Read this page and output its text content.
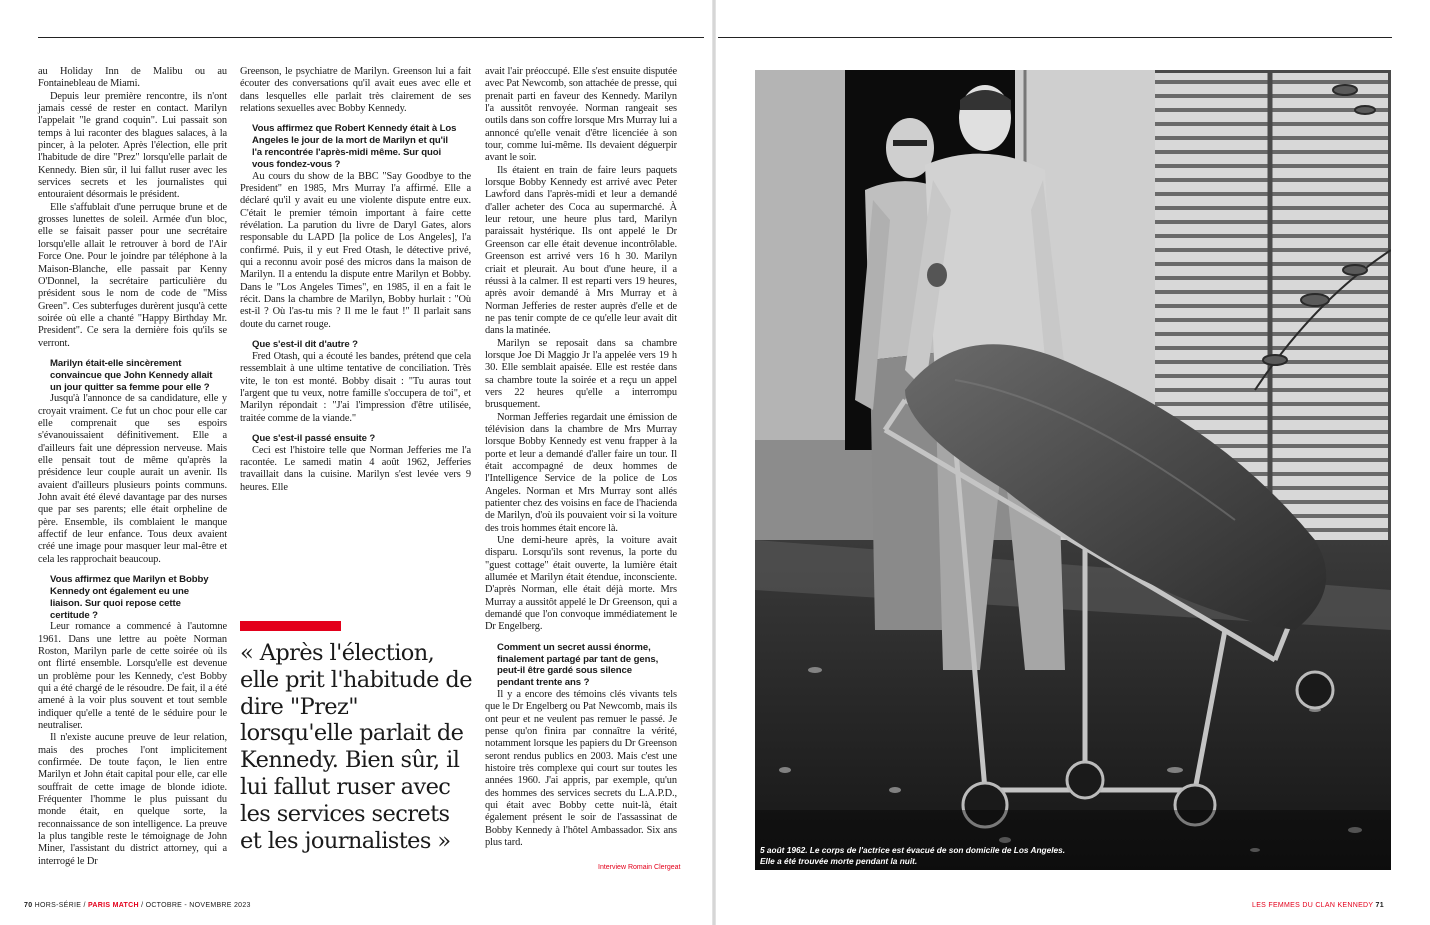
au Holiday Inn de Malibu ou au Fontainebleau de Miami.

Depuis leur première rencontre, ils n'ont jamais cessé de rester en contact. Marilyn l'appelait "le grand coquin". Lui passait son temps à lui raconter des blagues salaces, à la pincer, à la peloter. Après l'élection, elle prit l'habitude de dire "Prez" lorsqu'elle parlait de Kennedy. Bien sûr, il lui fallut ruser avec les services secrets et les journalistes qui entouraient désormais le président.

Elle s'affublait d'une perruque brune et de grosses lunettes de soleil. Armée d'un bloc, elle se faisait passer pour une secrétaire lorsqu'elle allait le retrouver à bord de l'Air Force One. Pour le joindre par téléphone à la Maison-Blanche, elle passait par Kenny O'Donnel, la secrétaire particulière du président sous le nom de code de "Miss Green". Ces subterfuges durèrent jusqu'à cette soirée où elle a chanté "Happy Birthday Mr. President". Ce sera la dernière fois qu'ils se verront.

Marilyn était-elle sincèrement convaincue que John Kennedy allait un jour quitter sa femme pour elle ?

Jusqu'à l'annonce de sa candidature, elle y croyait vraiment. Ce fut un choc pour elle car elle comprenait que ses espoirs s'évanouissaient définitivement. Elle a d'ailleurs fait une dépression nerveuse. Mais elle pensait tout de même qu'après la présidence leur couple aurait un avenir. Ils avaient d'ailleurs plusieurs points communs. John avait été élevé davantage par des nurses que par ses parents; elle était orpheline de père. Ensemble, ils comblaient le manque affectif de leur enfance. Tous deux avaient créé une image pour masquer leur mal-être et cela les rapprochait beaucoup.

Vous affirmez que Marilyn et Bobby Kennedy ont également eu une liaison. Sur quoi repose cette certitude ?

Leur romance a commencé à l'automne 1961. Dans une lettre au poète Norman Roston, Marilyn parle de cette soirée où ils ont flirté ensemble. Lorsqu'elle est devenue un problème pour les Kennedy, c'est Bobby qui a été chargé de le résoudre. De fait, il a été amené à la voir plus souvent et tout semble indiquer qu'elle a tenté de le séduire pour le neutraliser.

Il n'existe aucune preuve de leur relation, mais des proches l'ont implicitement confirmée. De toute façon, le lien entre Marilyn et John était capital pour elle, car elle souffrait de cette image de blonde idiote. Fréquenter l'homme le plus puissant du monde était, en quelque sorte, la reconnaissance de son intelligence. La preuve la plus tangible reste le témoignage de John Miner, l'assistant du district attorney, qui a interrogé le Dr

Greenson, le psychiatre de Marilyn. Greenson lui a fait écouter des conversations qu'il avait eues avec elle et dans lesquelles elle parlait très clairement de ses relations sexuelles avec Bobby Kennedy.

Vous affirmez que Robert Kennedy était à Los Angeles le jour de la mort de Marilyn et qu'il l'a rencontrée l'après-midi même. Sur quoi vous fondez-vous ?

Au cours du show de la BBC "Say Goodbye to the President" en 1985, Mrs Murray l'a affirmé. Elle a déclaré qu'il y avait eu une violente dispute entre eux. C'était le premier témoin important à faire cette révélation. La parution du livre de Daryl Gates, alors responsable du LAPD [la police de Los Angeles], l'a confirmé. Puis, il y eut Fred Otash, le détective privé, qui a reconnu avoir posé des micros dans la maison de Marilyn. Il a entendu la dispute entre Marilyn et Bobby. Dans le "Los Angeles Times", en 1985, il en a fait le récit. Dans la chambre de Marilyn, Bobby hurlait : "Où est-il ? Où l'as-tu mis ? Il me le faut !" Il parlait sans doute du carnet rouge.

Que s'est-il dit d'autre ?

Fred Otash, qui a écouté les bandes, prétend que cela ressemblait à une ultime tentative de conciliation. Très vite, le ton est monté. Bobby disait : "Tu auras tout l'argent que tu veux, notre famille s'occupera de toi", et Marilyn répondait : "J'ai l'impression d'être utilisée, traitée comme de la viande."

Que s'est-il passé ensuite ?

Ceci est l'histoire telle que Norman Jefferies me l'a racontée. Le samedi matin 4 août 1962, Jefferies travaillait dans la cuisine. Marilyn s'est levée vers 9 heures. Elle

« Après l'élection, elle prit l'habitude de dire "Prez" lorsqu'elle parlait de Kennedy. Bien sûr, il lui fallut ruser avec les services secrets et les journalistes »

avait l'air préoccupé. Elle s'est ensuite disputée avec Pat Newcomb, son attachée de presse, qui prenait parti en faveur des Kennedy. Marilyn l'a aussitôt renvoyée. Norman rangeait ses outils dans son coffre lorsque Mrs Murray lui a annoncé qu'elle venait d'être licenciée à son tour, comme lui-même. Ils devaient déguerpir avant le soir.

Ils étaient en train de faire leurs paquets lorsque Bobby Kennedy est arrivé avec Peter Lawford dans l'après-midi et leur a demandé d'aller acheter des Coca au supermarché. À leur retour, une heure plus tard, Marilyn paraissait hystérique. Ils ont appelé le Dr Greenson car elle était devenue incontrôlable. Greenson est arrivé vers 16 h 30. Marilyn criait et pleurait. Au bout d'une heure, il a réussi à la calmer. Il est reparti vers 19 heures, après avoir demandé à Mrs Murray et à Norman Jefferies de rester auprès d'elle et de ne pas tenir compte de ce qu'elle leur avait dit dans la matinée.

Marilyn se reposait dans sa chambre lorsque Joe Di Maggio Jr l'a appelée vers 19 h 30. Elle semblait apaisée. Elle est restée dans sa chambre toute la soirée et a reçu un appel vers 22 heures qu'elle a interrompu brusquement.

Norman Jefferies regardait une émission de télévision dans la chambre de Mrs Murray lorsque Bobby Kennedy est venu frapper à la porte et leur a demandé d'aller faire un tour. Il était accompagné de deux hommes de l'Intelligence Service de la police de Los Angeles. Norman et Mrs Murray sont allés patienter chez des voisins en face de l'hacienda de Marilyn, d'où ils pouvaient voir si la voiture des trois hommes était encore là.

Une demi-heure après, la voiture avait disparu. Lorsqu'ils sont revenus, la porte du "guest cottage" était ouverte, la lumière était allumée et Marilyn était étendue, inconsciente. D'après Norman, elle était déjà morte. Mrs Murray a aussitôt appelé le Dr Greenson, qui a demandé que l'on convoque immédiatement le Dr Engelberg.

Comment un secret aussi énorme, finalement partagé par tant de gens, peut-il être gardé sous silence pendant trente ans ?

Il y a encore des témoins clés vivants tels que le Dr Engelberg ou Pat Newcomb, mais ils ont peur et ne veulent pas remuer le passé. Je pense qu'on finira par connaître la vérité, notamment lorsque les papiers du Dr Greenson seront rendus publics en 2003. Mais c'est une histoire très complexe qui court sur toutes les années 1960. J'ai appris, par exemple, qu'un des hommes des services secrets du L.A.P.D., qui était avec Bobby cette nuit-là, était également présent le soir de l'assassinat de Bobby Kennedy à l'hôtel Ambassador. Six ans plus tard.

Interview Romain Clergeat
5 août 1962. Le corps de l'actrice est évacué de son domicile de Los Angeles.
Elle a été trouvée morte pendant la nuit.
70 HORS-SÉRIE / PARIS MATCH / OCTOBRE - NOVEMBRE 2023	LES FEMMES DU CLAN KENNEDY 71
